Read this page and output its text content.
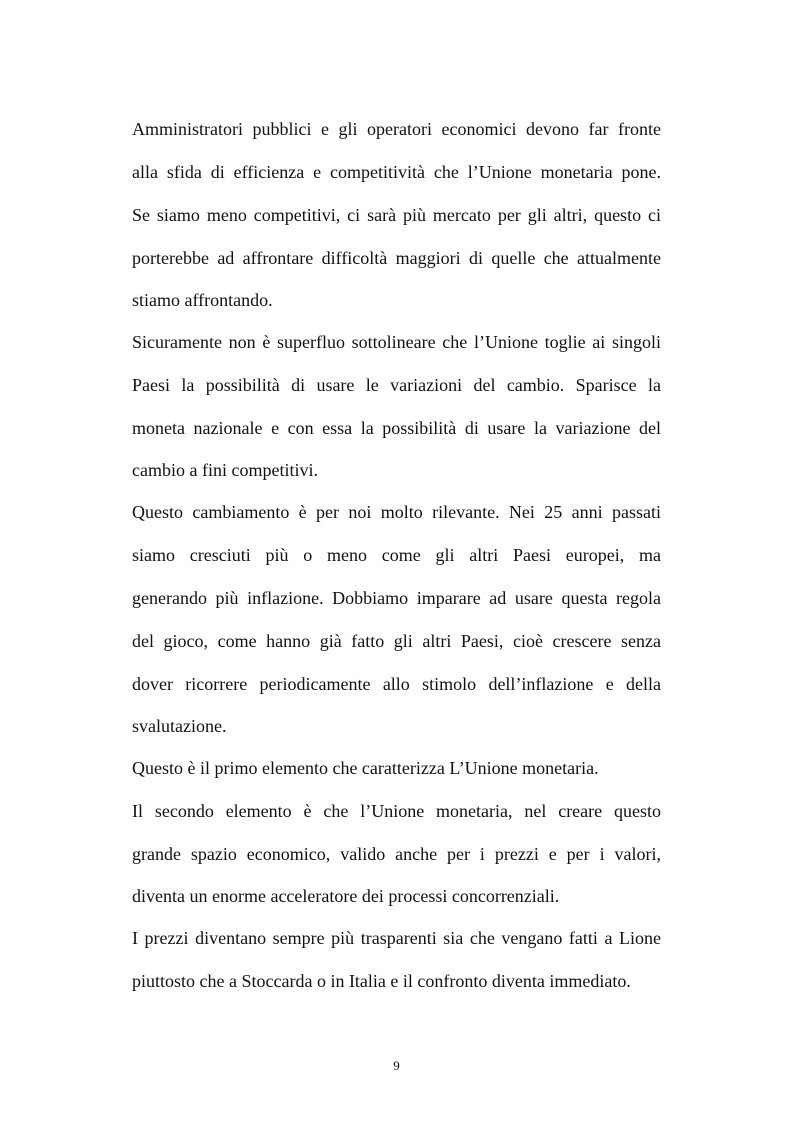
Amministratori pubblici e gli operatori economici devono far fronte
alla sfida di efficienza e competitività che l’Unione monetaria pone.
Se siamo meno competitivi, ci sarà più mercato per gli altri, questo ci
porterebbe ad affrontare difficoltà maggiori di quelle che attualmente
stiamo affrontando.
Sicuramente non è superfluo sottolineare che l’Unione toglie ai singoli
Paesi la possibilità di usare le variazioni del cambio. Sparisce la
moneta nazionale e con essa la possibilità di usare la variazione del
cambio a fini competitivi.
Questo cambiamento è per noi molto rilevante. Nei 25 anni passati
siamo cresciuti più o meno come gli altri Paesi europei, ma
generando più inflazione. Dobbiamo imparare ad usare questa regola
del gioco, come hanno già fatto gli altri Paesi, cioè crescere senza
dover ricorrere periodicamente allo stimolo dell’inflazione e della
svalutazione.
Questo è il primo elemento che caratterizza L’Unione monetaria.
Il secondo elemento è che l’Unione monetaria, nel creare questo
grande spazio economico, valido anche per i prezzi e per i valori,
diventa un enorme acceleratore dei processi concorrenziali.
I prezzi diventano sempre più trasparenti sia che vengano fatti a Lione
piuttosto che a Stoccarda o in Italia e il confronto diventa immediato.
9
